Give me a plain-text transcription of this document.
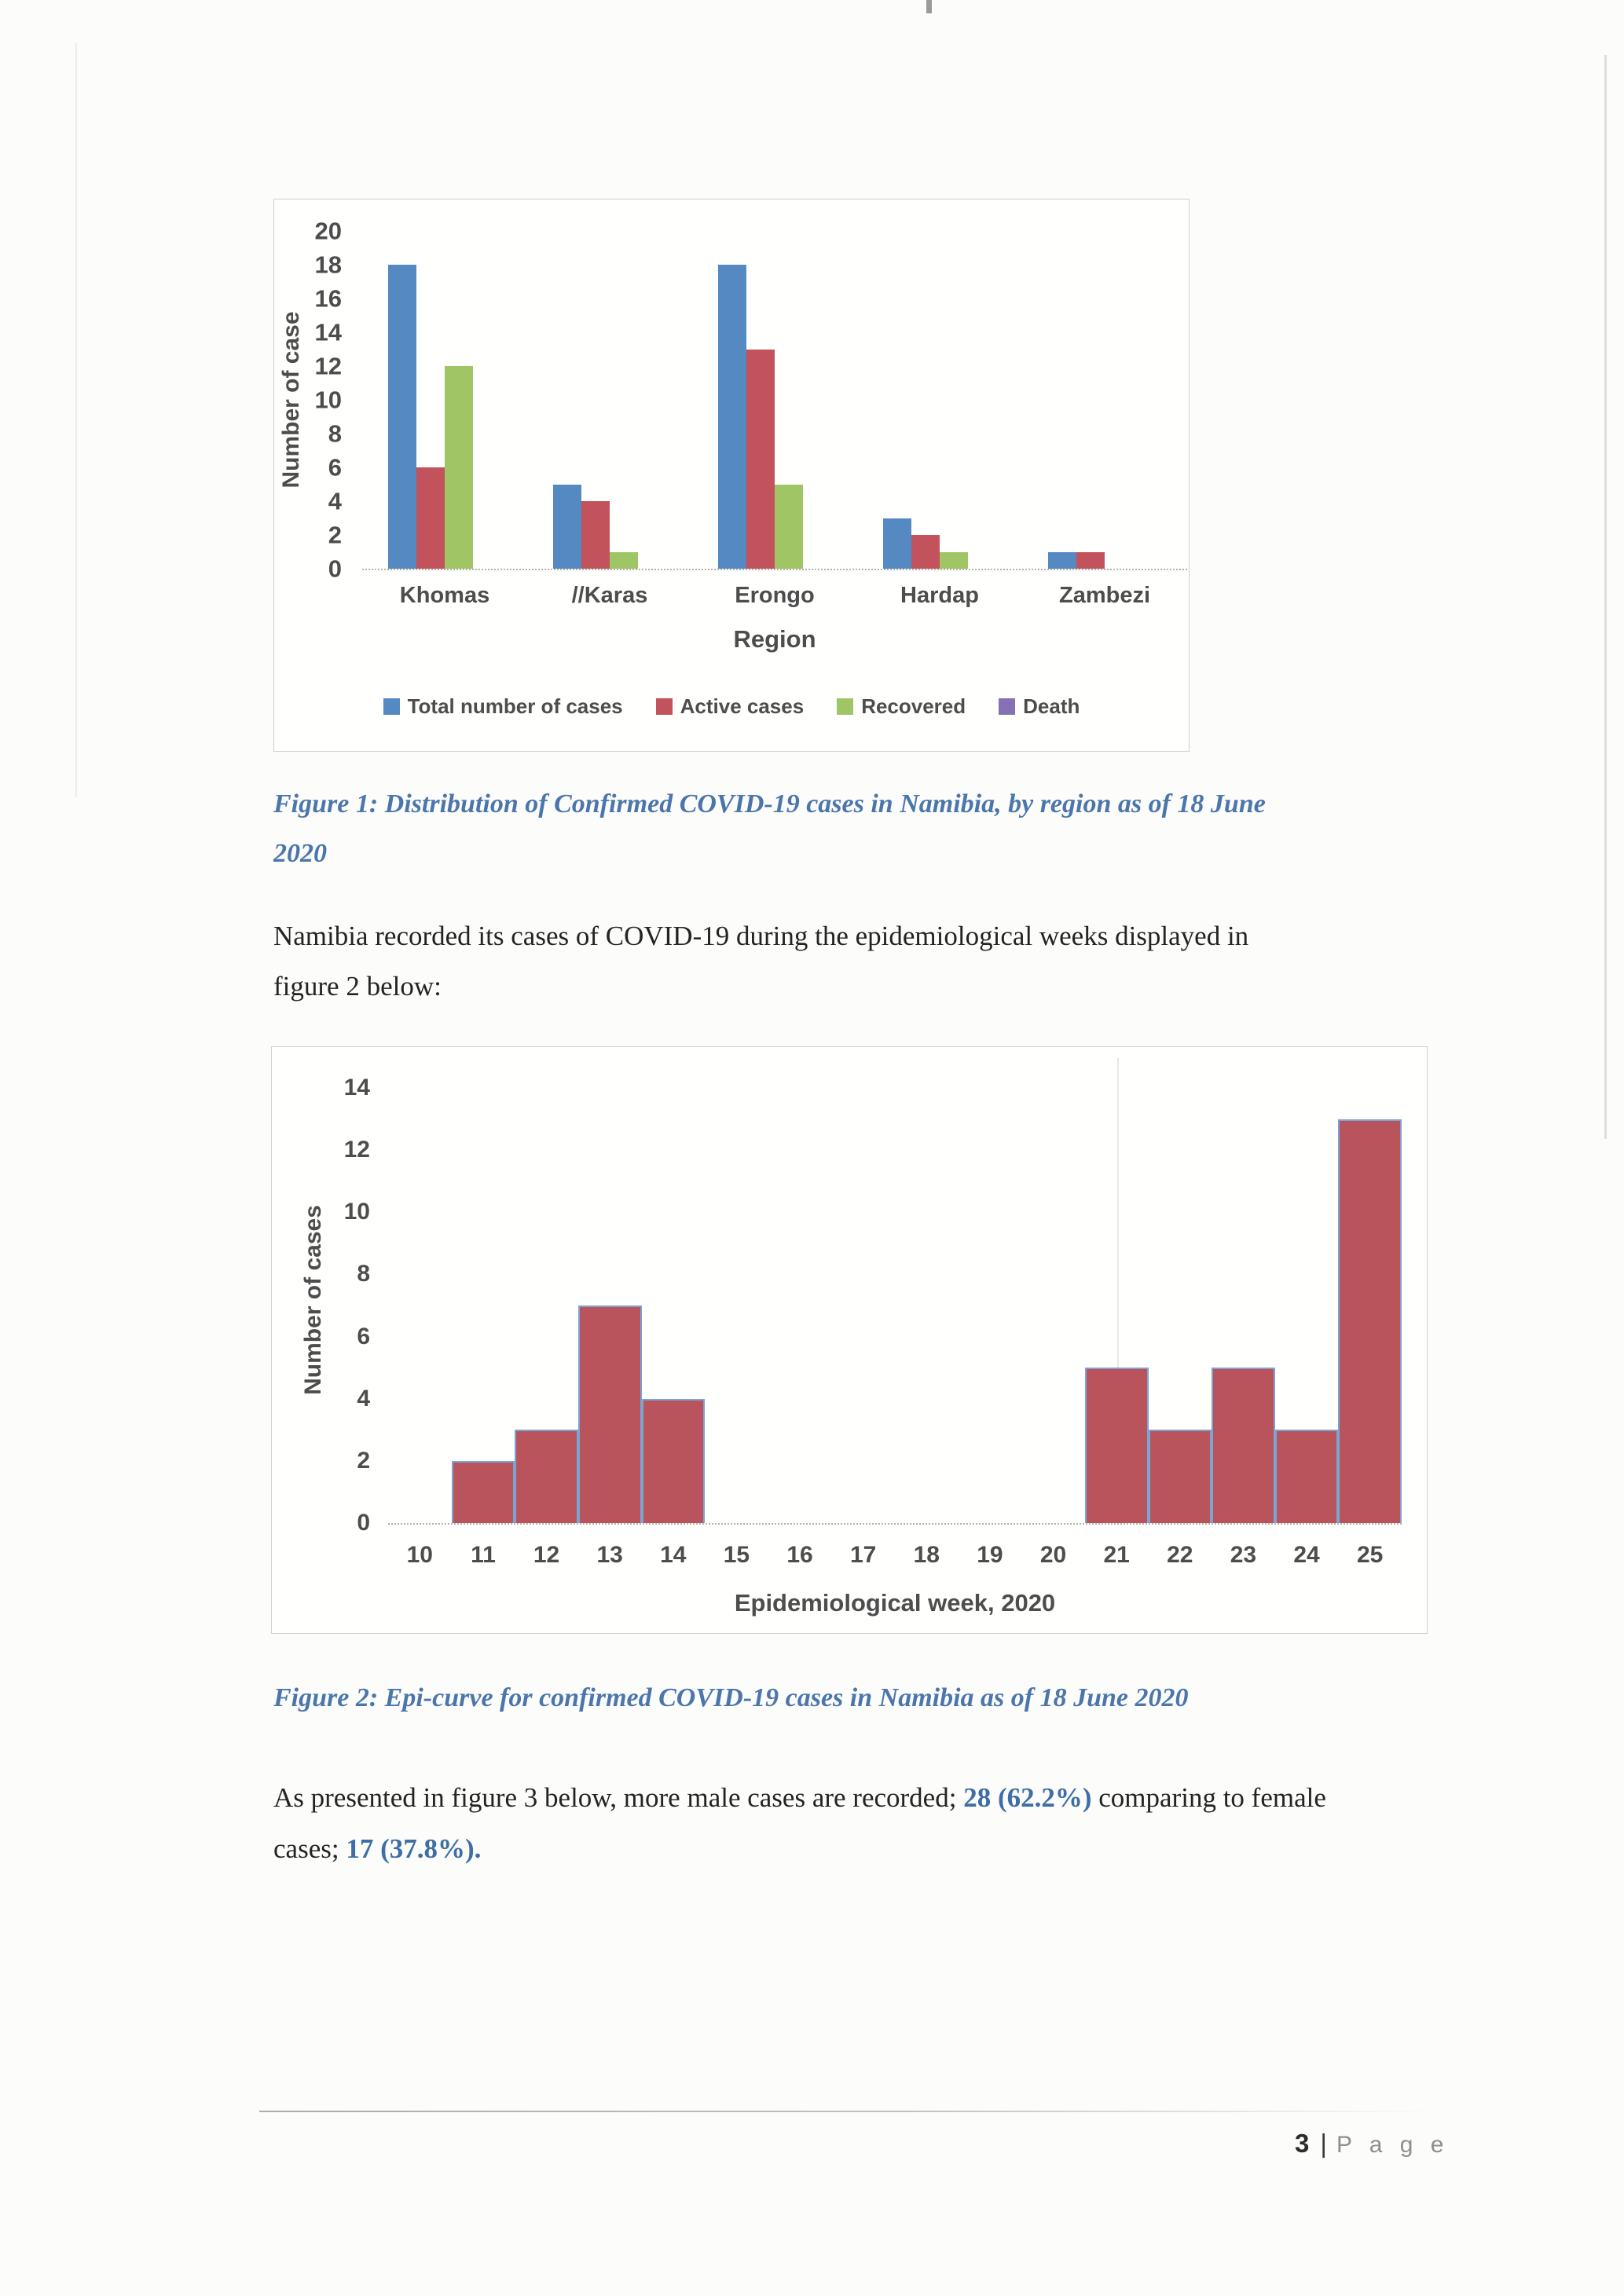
Number of case
0
2
4
6
8
10
12
14
16
18
20
Khomas	//Karas	Erongo	Hardap	Zambezi
Region
Total number of cases	Active cases	Recovered	Death
Figure 1: Distribution of Confirmed COVID-19 cases in Namibia, by region as of 18 June
2020
Namibia recorded its cases of COVID-19 during the epidemiological weeks displayed in
figure 2 below:
Number of cases
0
2
4
6
8
10
12
14
10	11	12	13	14	15	16	17	18	19	20	21	22	23	24	25
Epidemiological week, 2020
Figure 2: Epi-curve for confirmed COVID-19 cases in Namibia as of 18 June 2020
As presented in figure 3 below, more male cases are recorded; 28 (62.2%) comparing to female
cases; 17 (37.8%).
3 | P a g e
